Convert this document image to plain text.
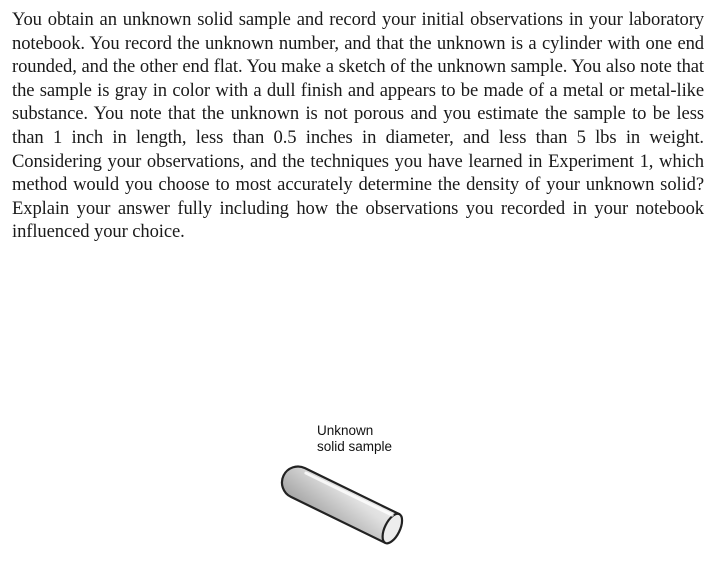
You obtain an unknown solid sample and record your initial observations in your laboratory notebook. You record the unknown number, and that the unknown is a cylinder with one end rounded, and the other end flat. You make a sketch of the unknown sample. You also note that the sample is gray in color with a dull finish and appears to be made of a metal or metal-like substance. You note that the unknown is not porous and you estimate the sample to be less than 1 inch in length, less than 0.5 inches in diameter, and less than 5 lbs in weight. Considering your observations, and the techniques you have learned in Experiment 1, which method would you choose to most accurately determine the density of your unknown solid? Explain your answer fully including how the observations you recorded in your notebook influenced your choice.

Unknown
solid sample
